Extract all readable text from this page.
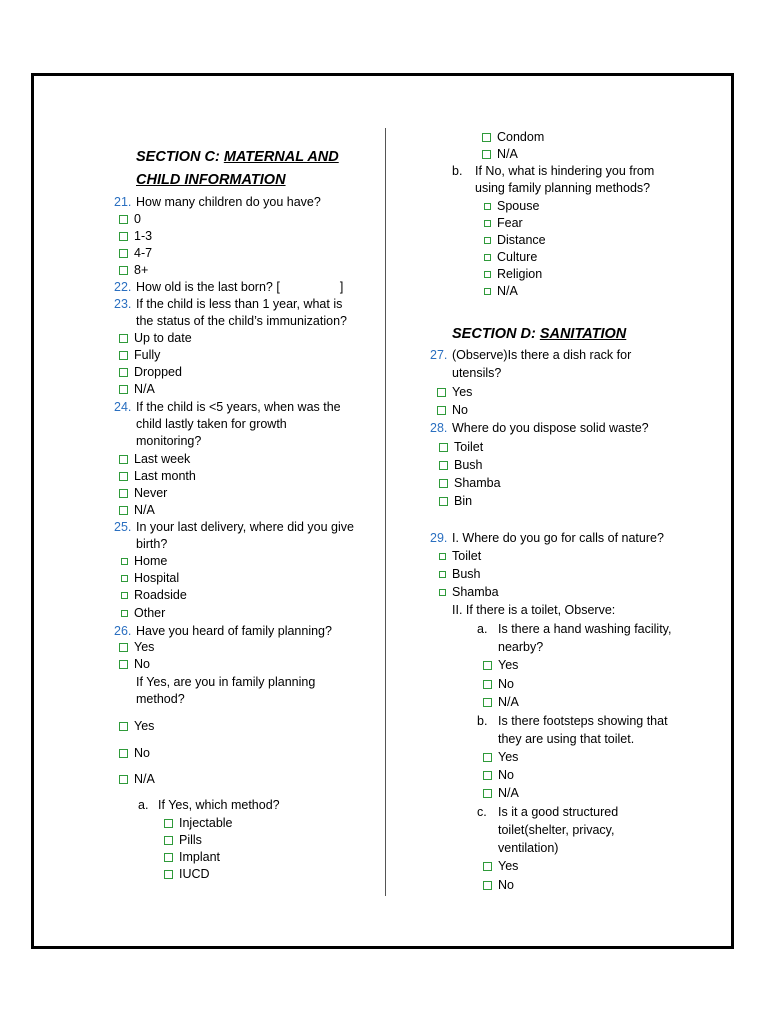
SECTION C: MATERNAL AND
CHILD INFORMATION
21. How many children do you have?
0
1-3
4-7
8+
22. How old is the last born? [	]
23. If the child is less than 1 year, what is
the status of the child’s immunization?
Up to date
Fully
Dropped
N/A
24. If the child is <5 years, when was the
child lastly taken for growth
monitoring?
Last week
Last month
Never
N/A
25. In your last delivery, where did you give
birth?
Home
Hospital
Roadside
Other
26. Have you heard of family planning?
Yes
No
If Yes, are you in family planning
method?
Yes
No
N/A
a. If Yes, which method?
Injectable
Pills
Implant
IUCD
Condom
N/A
b. If No, what is hindering you from
using family planning methods?
Spouse
Fear
Distance
Culture
Religion
N/A
SECTION D: SANITATION
27. (Observe)Is there a dish rack for
utensils?
Yes
No
28. Where do you dispose solid waste?
Toilet
Bush
Shamba
Bin
29. I. Where do you go for calls of nature?
Toilet
Bush
Shamba
II. If there is a toilet, Observe:
a. Is there a hand washing facility,
nearby?
Yes
No
N/A
b. Is there footsteps showing that
they are using that toilet.
Yes
No
N/A
c. Is it a good structured
toilet(shelter, privacy,
ventilation)
Yes
No
